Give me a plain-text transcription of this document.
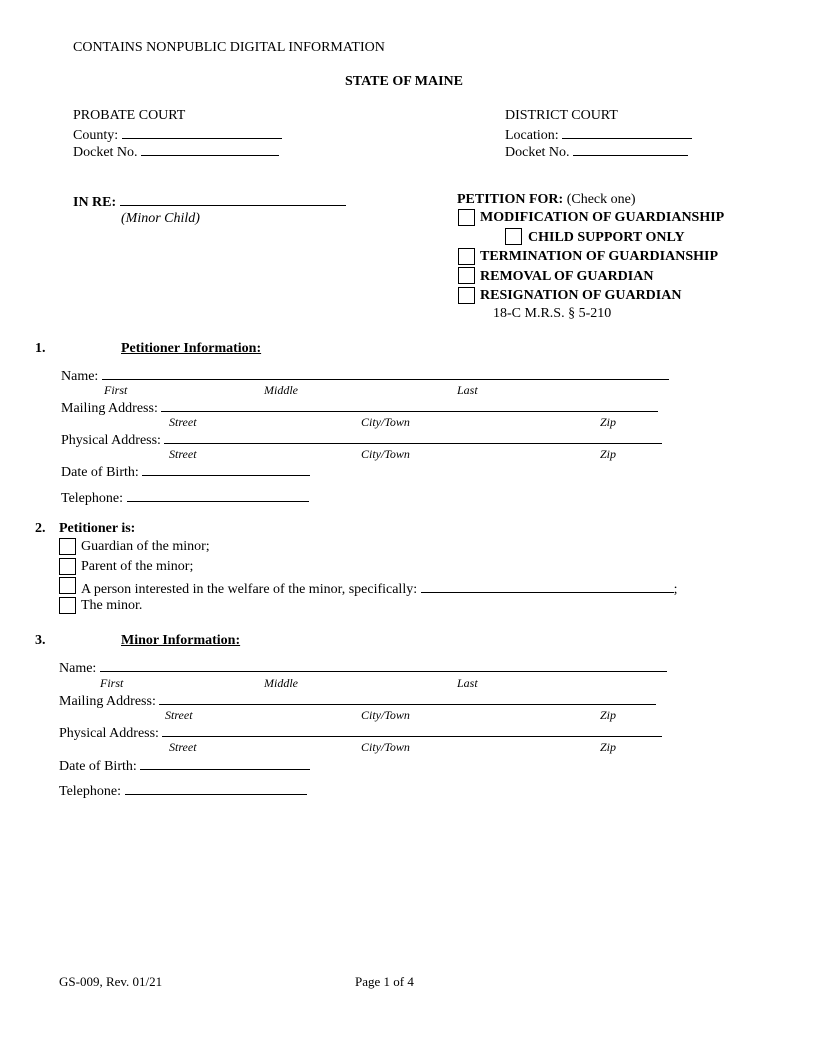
CONTAINS NONPUBLIC DIGITAL INFORMATION
STATE OF MAINE
PROBATE COURT
County:
Docket No.
DISTRICT COURT
Location:
Docket No.
IN RE:
(Minor Child)
PETITION FOR: (Check one)
MODIFICATION OF GUARDIANSHIP
CHILD SUPPORT ONLY
TERMINATION OF GUARDIANSHIP
REMOVAL OF GUARDIAN
RESIGNATION OF GUARDIAN
18-C M.R.S. § 5-210
1.	Petitioner Information:
Name:
First	Middle	Last
Mailing Address:
Street	City/Town	Zip
Physical Address:
Street	City/Town	Zip
Date of Birth:
Telephone:
2. Petitioner is:
Guardian of the minor;
Parent of the minor;
A person interested in the welfare of the minor, specifically:	;
The minor.
3.	Minor Information:
Name:
First	Middle	Last
Mailing Address:
Street	City/Town	Zip
Physical Address:
Street	City/Town	Zip
Date of Birth:
Telephone:
GS-009, Rev. 01/21	Page 1 of 4
